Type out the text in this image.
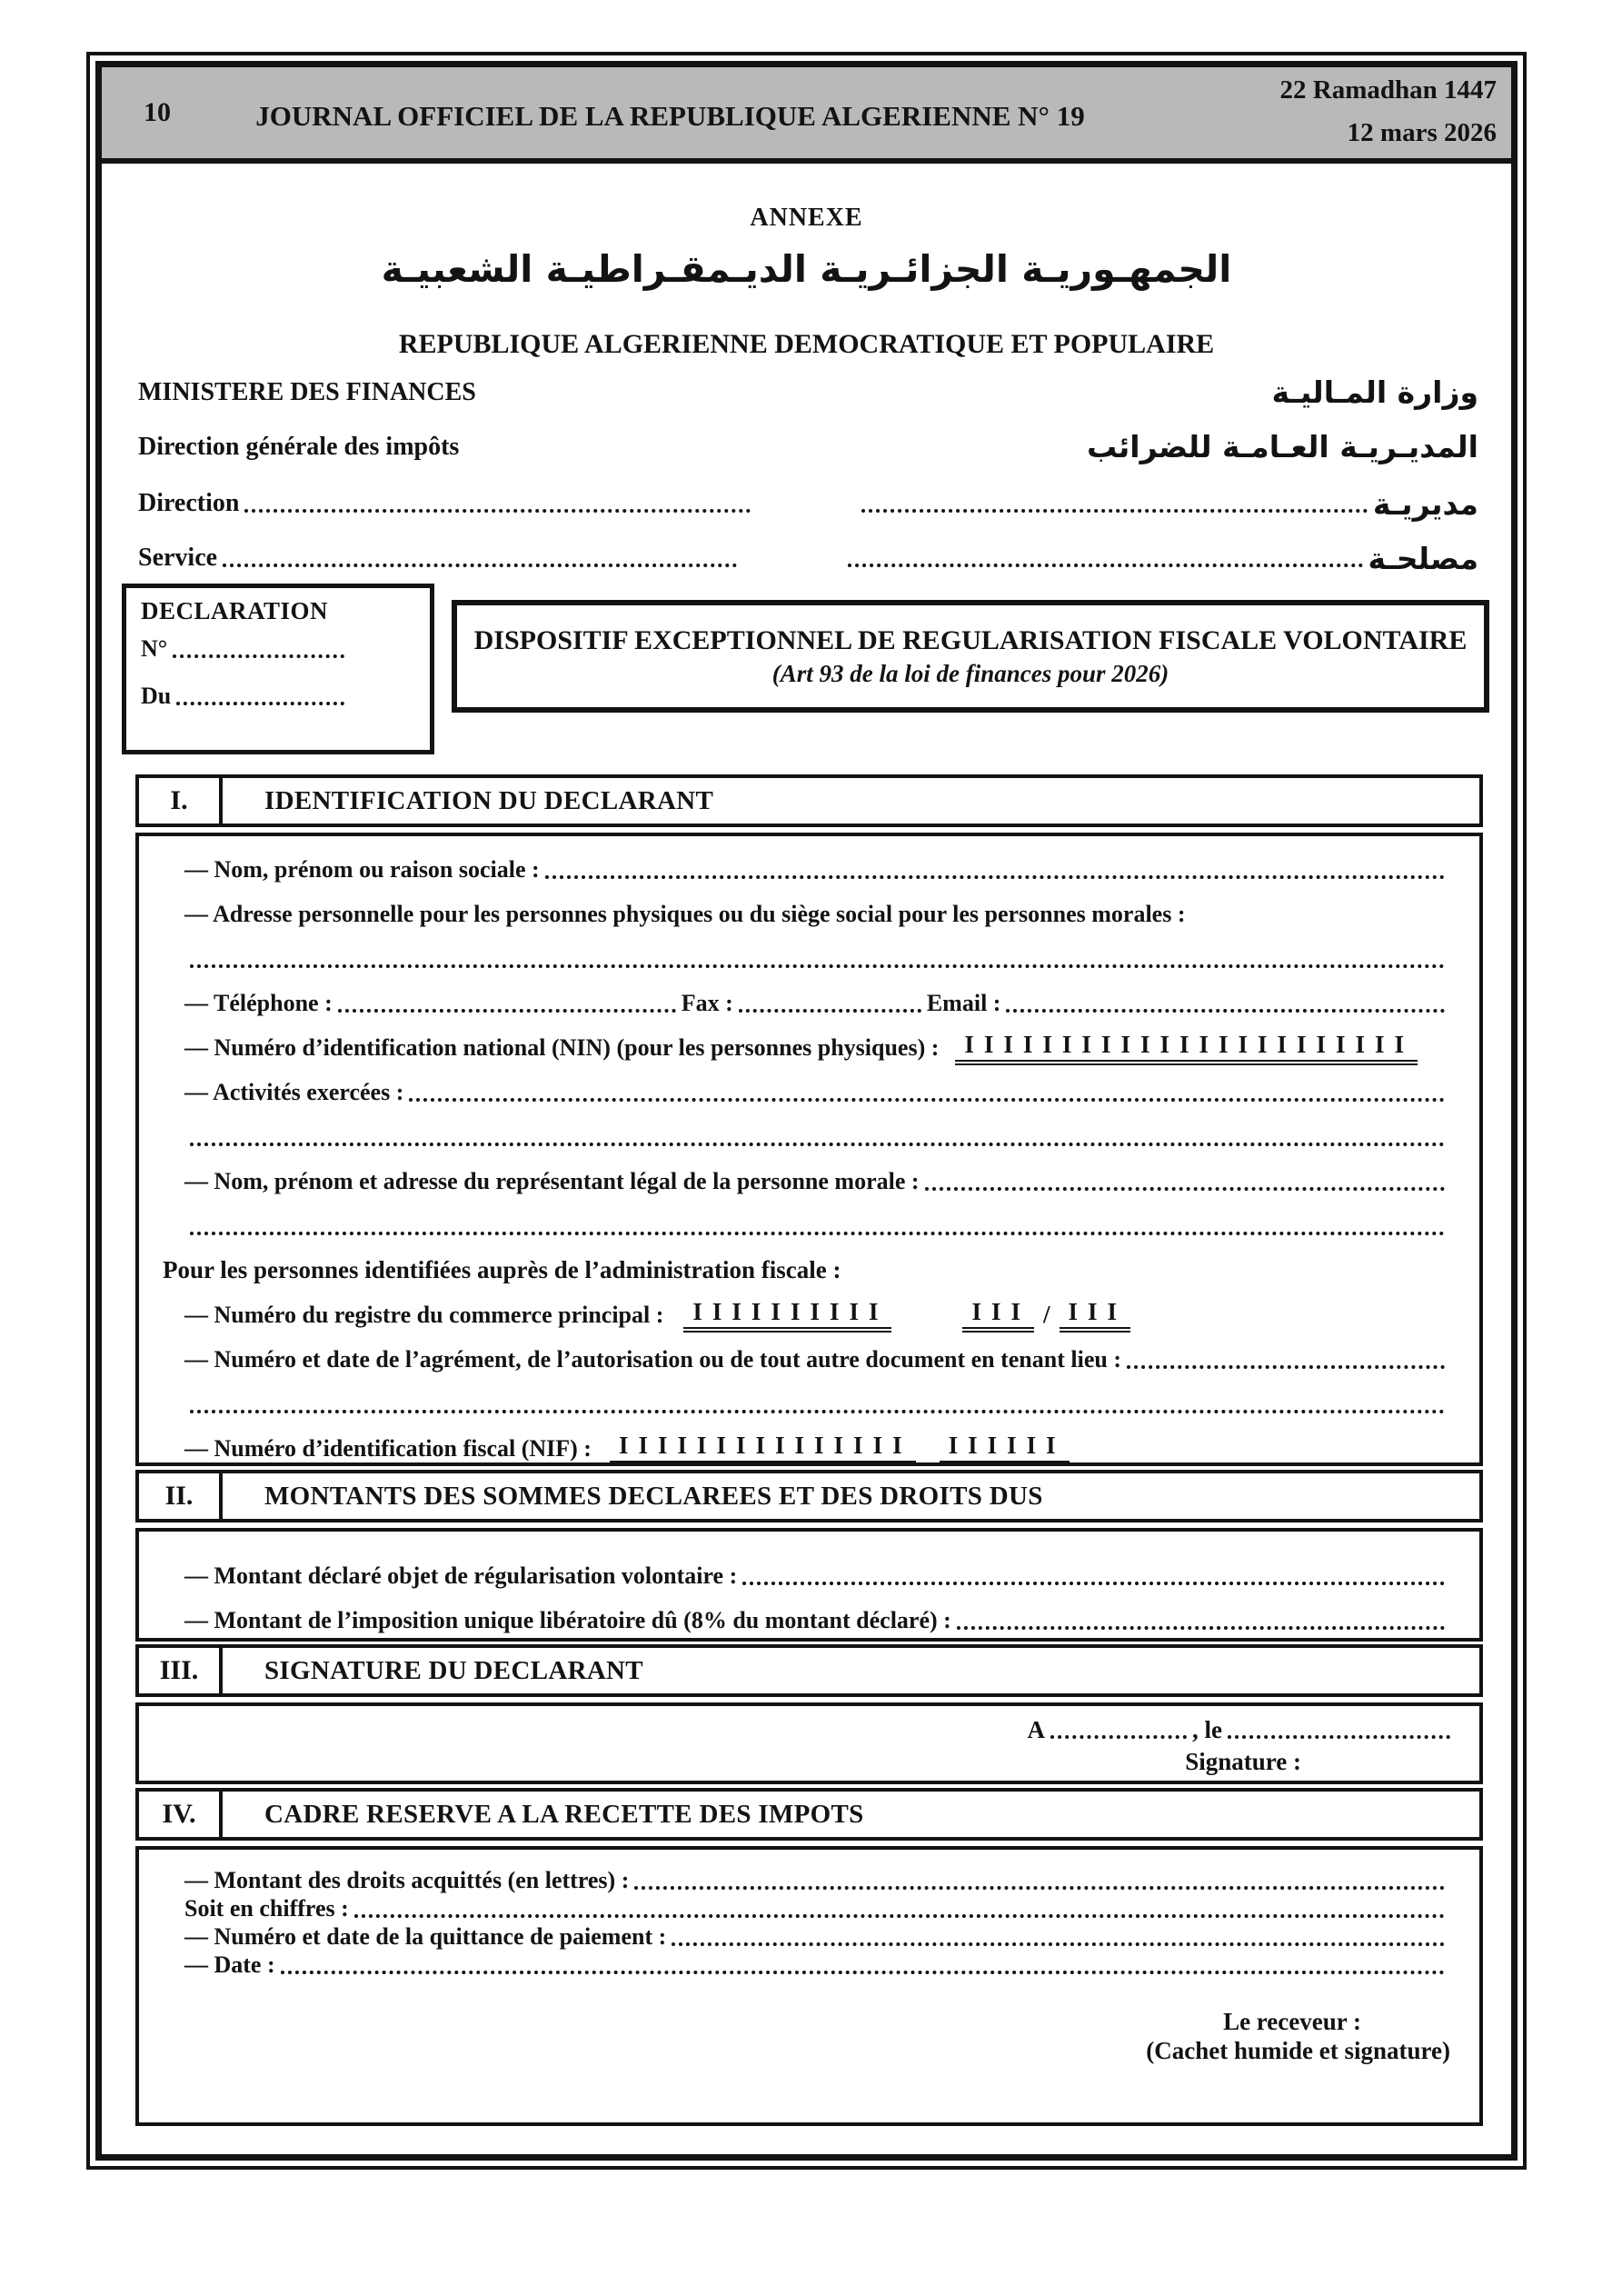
10	JOURNAL OFFICIEL DE LA REPUBLIQUE ALGERIENNE N° 19
22 Ramadhan 1447
12 mars 2026
ANNEXE
الجمهـوريـة الجزائـريـة الديـمقـراطيـة الشعبيـة
REPUBLIQUE ALGERIENNE DEMOCRATIQUE ET POPULAIRE
MINISTERE DES FINANCES	وزارة المـاليـة
Direction générale des impôts	المديـريـة العـامـة للضرائب
Direction	مديريـة
Service	مصلحـة
DECLARATION
N°
Du
DISPOSITIF EXCEPTIONNEL DE REGULARISATION FISCALE VOLONTAIRE
(Art 93 de la loi de finances pour 2026)
I.	IDENTIFICATION DU DECLARANT
— Nom, prénom ou raison sociale :
— Adresse personnelle pour les personnes physiques ou du siège social pour les personnes morales :
— Téléphone :	Fax :	Email :
— Numéro d’identification national (NIN) (pour les personnes physiques) :	IIIIIIIIIIIIIIIIIIIIIII
— Activités exercées :
— Nom, prénom et adresse du représentant légal de la personne morale :
Pour les personnes identifiées auprès de l’administration fiscale :
— Numéro du registre du commerce principal :	IIIIIIIIII	III / III
— Numéro et date de l’agrément, de l’autorisation ou de tout autre document en tenant lieu :
— Numéro d’identification fiscal (NIF) :	IIIIIIIIIIIIIII	IIIIII
II.	MONTANTS DES SOMMES DECLAREES ET DES DROITS DUS
— Montant déclaré objet de régularisation volontaire :
— Montant de l’imposition unique libératoire dû (8% du montant déclaré) :
III.	SIGNATURE DU DECLARANT
A	, le
Signature :
IV.	CADRE RESERVE A LA RECETTE DES IMPOTS
— Montant des droits acquittés (en lettres) :
Soit en chiffres :
— Numéro et date de la quittance de paiement :
— Date :
Le receveur :
(Cachet humide et signature)
